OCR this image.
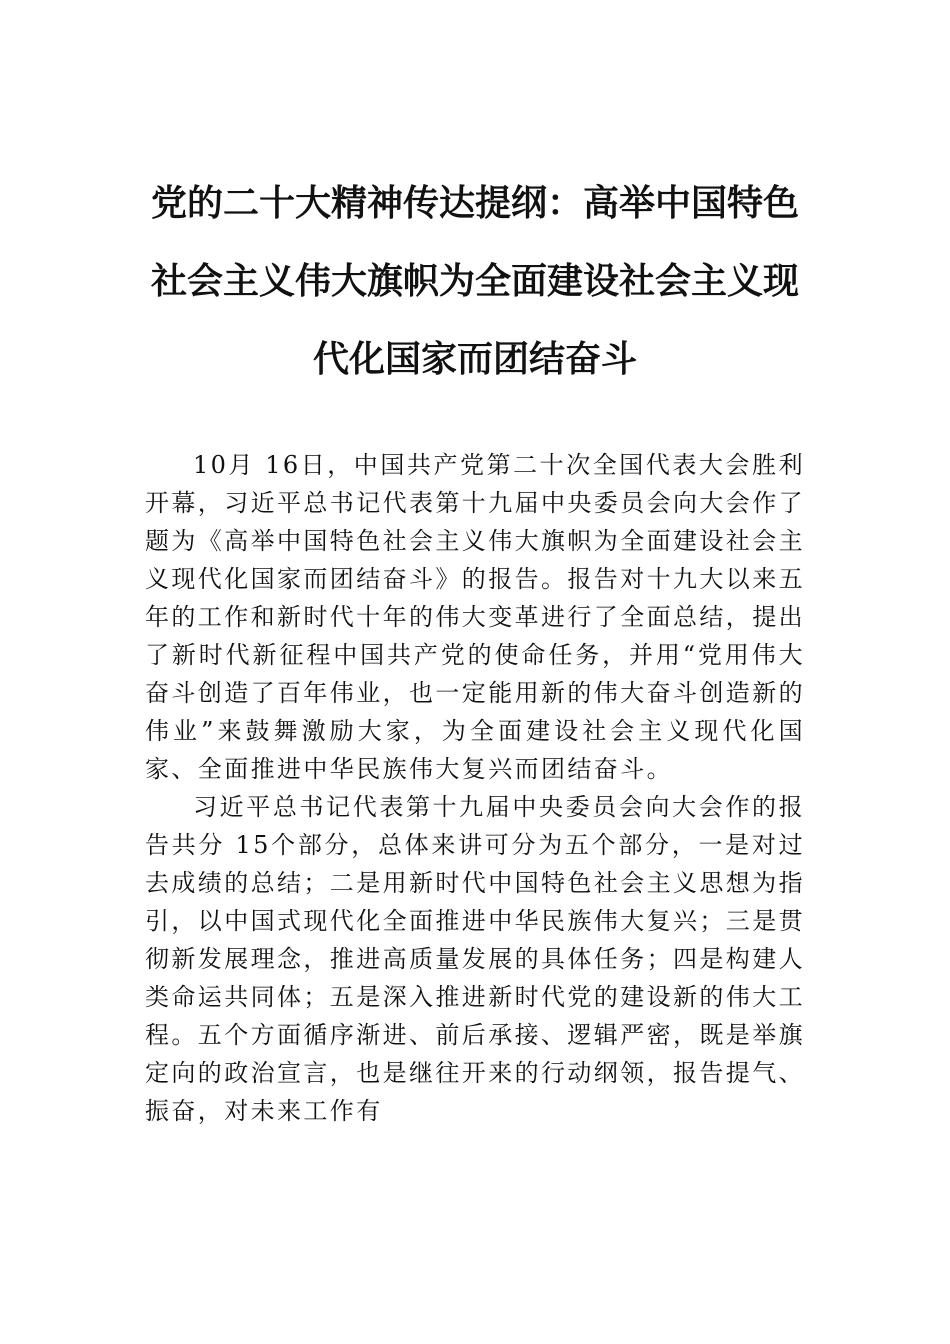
党的二十大精神传达提纲：高举中国特色
社会主义伟大旗帜为全面建设社会主义现
代化国家而团结奋斗

10月 16日，中国共产党第二十次全国代表大会胜利开幕，习近平总书记代表第十九届中央委员会向大会作了题为《高举中国特色社会主义伟大旗帜为全面建设社会主义现代化国家而团结奋斗》的报告。报告对十九大以来五年的工作和新时代十年的伟大变革进行了全面总结，提出了新时代新征程中国共产党的使命任务，并用“党用伟大奋斗创造了百年伟业，也一定能用新的伟大奋斗创造新的伟业”来鼓舞激励大家，为全面建设社会主义现代化国家、全面推进中华民族伟大复兴而团结奋斗。

习近平总书记代表第十九届中央委员会向大会作的报告共分 15个部分，总体来讲可分为五个部分，一是对过去成绩的总结；二是用新时代中国特色社会主义思想为指引，以中国式现代化全面推进中华民族伟大复兴；三是贯彻新发展理念，推进高质量发展的具体任务；四是构建人类命运共同体；五是深入推进新时代党的建设新的伟大工程。五个方面循序渐进、前后承接、逻辑严密，既是举旗定向的政治宣言，也是继往开来的行动纲领，报告提气、振奋，对未来工作有
